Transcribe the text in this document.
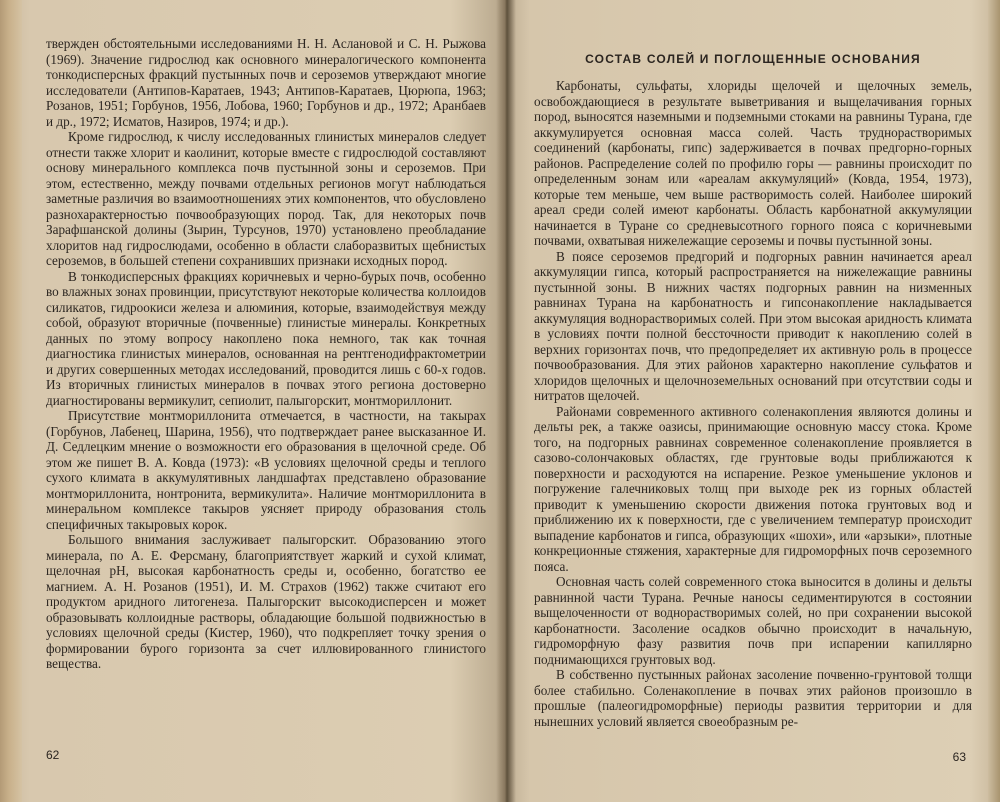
твержден обстоятельными исследованиями Н. Н. Аслановой и С. Н. Рыжова (1969). Значение гидрослюд как основного минералогического компонента тонкодисперсных фракций пустынных почв и сероземов утверждают многие исследователи (Антипов-Каратаев, 1943; Антипов-Каратаев, Цюрюпа, 1963; Розанов, 1951; Горбунов, 1956, Лобова, 1960; Горбунов и др., 1972; Аранбаев и др., 1972; Исматов, Назиров, 1974; и др.).

Кроме гидрослюд, к числу исследованных глинистых минералов следует отнести также хлорит и каолинит, которые вместе с гидрослюдой составляют основу минерального комплекса почв пустынной зоны и сероземов. При этом, естественно, между почвами отдельных регионов могут наблюдаться заметные различия во взаимоотношениях этих компонентов, что обусловлено разнохарактерностью почвообразующих пород. Так, для некоторых почв Зарафшанской долины (Зырин, Турсунов, 1970) установлено преобладание хлоритов над гидрослюдами, особенно в области слаборазвитых щебнистых сероземов, в большей степени сохранивших признаки исходных пород.

В тонкодисперсных фракциях коричневых и черно-бурых почв, особенно во влажных зонах провинции, присутствуют некоторые количества коллоидов силикатов, гидроокиси железа и алюминия, которые, взаимодействуя между собой, образуют вторичные (почвенные) глинистые минералы. Конкретных данных по этому вопросу накоплено пока немного, так как точная диагностика глинистых минералов, основанная на рентгенодифрактометрии и других совершенных методах исследований, проводится лишь с 60-х годов. Из вторичных глинистых минералов в почвах этого региона достоверно диагностированы вермикулит, сепиолит, палыгорскит, монтмориллонит.

Присутствие монтмориллонита отмечается, в частности, на такырах (Горбунов, Лабенец, Шарина, 1956), что подтверждает ранее высказанное И. Д. Седлецким мнение о возможности его образования в щелочной среде. Об этом же пишет В. А. Ковда (1973): «В условиях щелочной среды и теплого сухого климата в аккумулятивных ландшафтах представлено образование монтмориллонита, нонтронита, вермикулита». Наличие монтмориллонита в минеральном комплексе такыров уясняет природу образования столь специфичных такыровых корок.

Большого внимания заслуживает палыгорскит. Образованию этого минерала, по А. Е. Ферсману, благоприятствует жаркий и сухой климат, щелочная рН, высокая карбонатность среды и, особенно, богатство ее магнием. А. Н. Розанов (1951), И. М. Страхов (1962) также считают его продуктом аридного литогенеза. Палыгорскит высокодисперсен и может образовывать коллоидные растворы, обладающие большой подвижностью в условиях щелочной среды (Кистер, 1960), что подкрепляет точку зрения о формировании бурого горизонта за счет иллювированного глинистого вещества.

62
СОСТАВ СОЛЕЙ И ПОГЛОЩЕННЫЕ ОСНОВАНИЯ

Карбонаты, сульфаты, хлориды щелочей и щелочных земель, освобождающиеся в результате выветривания и выщелачивания горных пород, выносятся наземными и подземными стоками на равнины Турана, где аккумулируется основная масса солей. Часть труднорастворимых соединений (карбонаты, гипс) задерживается в почвах предгорно-горных районов. Распределение солей по профилю горы — равнины происходит по определенным зонам или «ареалам аккумуляций» (Ковда, 1954, 1973), которые тем меньше, чем выше растворимость солей. Наиболее широкий ареал среди солей имеют карбонаты. Область карбонатной аккумуляции начинается в Туране со средневысотного горного пояса с коричневыми почвами, охватывая нижележащие сероземы и почвы пустынной зоны.

В поясе сероземов предгорий и подгорных равнин начинается ареал аккумуляции гипса, который распространяется на нижележащие равнины пустынной зоны. В нижних частях подгорных равнин на низменных равнинах Турана на карбонатность и гипсонакопление накладывается аккумуляция воднорастворимых солей. При этом высокая аридность климата в условиях почти полной бессточности приводит к накоплению солей в верхних горизонтах почв, что предопределяет их активную роль в процессе почвообразования. Для этих районов характерно накопление сульфатов и хлоридов щелочных и щелочноземельных оснований при отсутствии соды и нитратов щелочей.

Районами современного активного соленакопления являются долины и дельты рек, а также оазисы, принимающие основную массу стока. Кроме того, на подгорных равнинах современное соленакопление проявляется в сазово-солончаковых областях, где грунтовые воды приближаются к поверхности и расходуются на испарение. Резкое уменьшение уклонов и погружение галечниковых толщ при выходе рек из горных областей приводит к уменьшению скорости движения потока грунтовых вод и приближению их к поверхности, где с увеличением температур происходит выпадение карбонатов и гипса, образующих «шохи», или «арзыки», плотные конкреционные стяжения, характерные для гидроморфных почв сероземного пояса.

Основная часть солей современного стока выносится в долины и дельты равнинной части Турана. Речные наносы седиментируются в состоянии выщелоченности от воднорастворимых солей, но при сохранении высокой карбонатности. Засоление осадков обычно происходит в начальную, гидроморфную фазу развития почв при испарении капиллярно поднимающихся грунтовых вод.

В собственно пустынных районах засоление почвенно-грунтовой толщи более стабильно. Соленакопление в почвах этих районов произошло в прошлые (палеогидроморфные) периоды развития территории и для нынешних условий является своеобразным ре-

63
